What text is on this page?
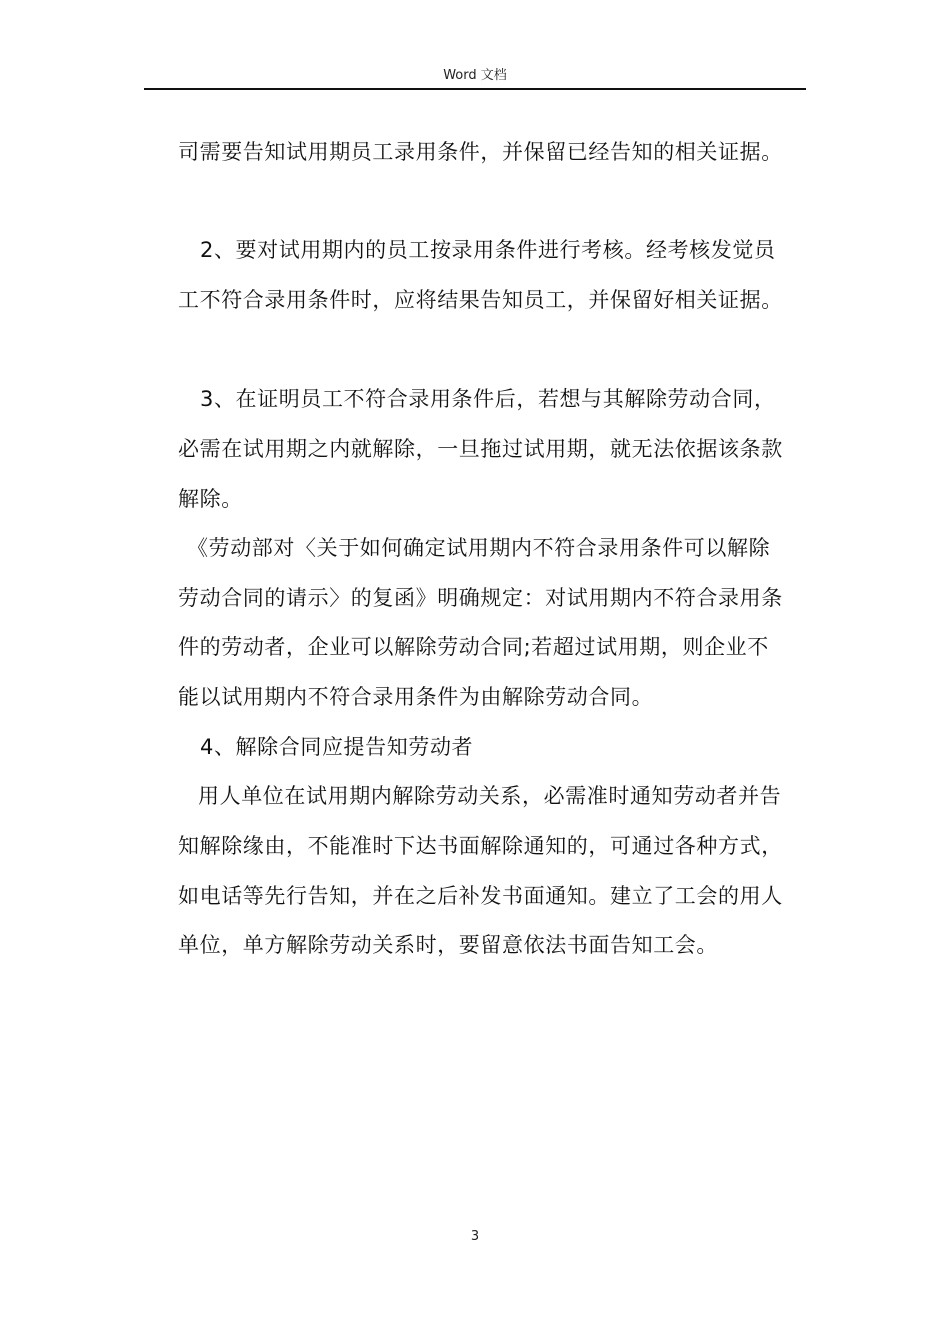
Word 文档
司需要告知试用期员工录用条件，并保留已经告知的相关证据。
2、要对试用期内的员工按录用条件进行考核。经考核发觉员
工不符合录用条件时，应将结果告知员工，并保留好相关证据。
3、在证明员工不符合录用条件后，若想与其解除劳动合同，
必需在试用期之内就解除，一旦拖过试用期，就无法依据该条款
解除。
《劳动部对〈关于如何确定试用期内不符合录用条件可以解除
劳动合同的请示〉的复函》明确规定：对试用期内不符合录用条
件的劳动者，企业可以解除劳动合同;若超过试用期，则企业不
能以试用期内不符合录用条件为由解除劳动合同。
4、解除合同应提告知劳动者
用人单位在试用期内解除劳动关系，必需准时通知劳动者并告
知解除缘由，不能准时下达书面解除通知的，可通过各种方式，
如电话等先行告知，并在之后补发书面通知。建立了工会的用人
单位，单方解除劳动关系时，要留意依法书面告知工会。
3
